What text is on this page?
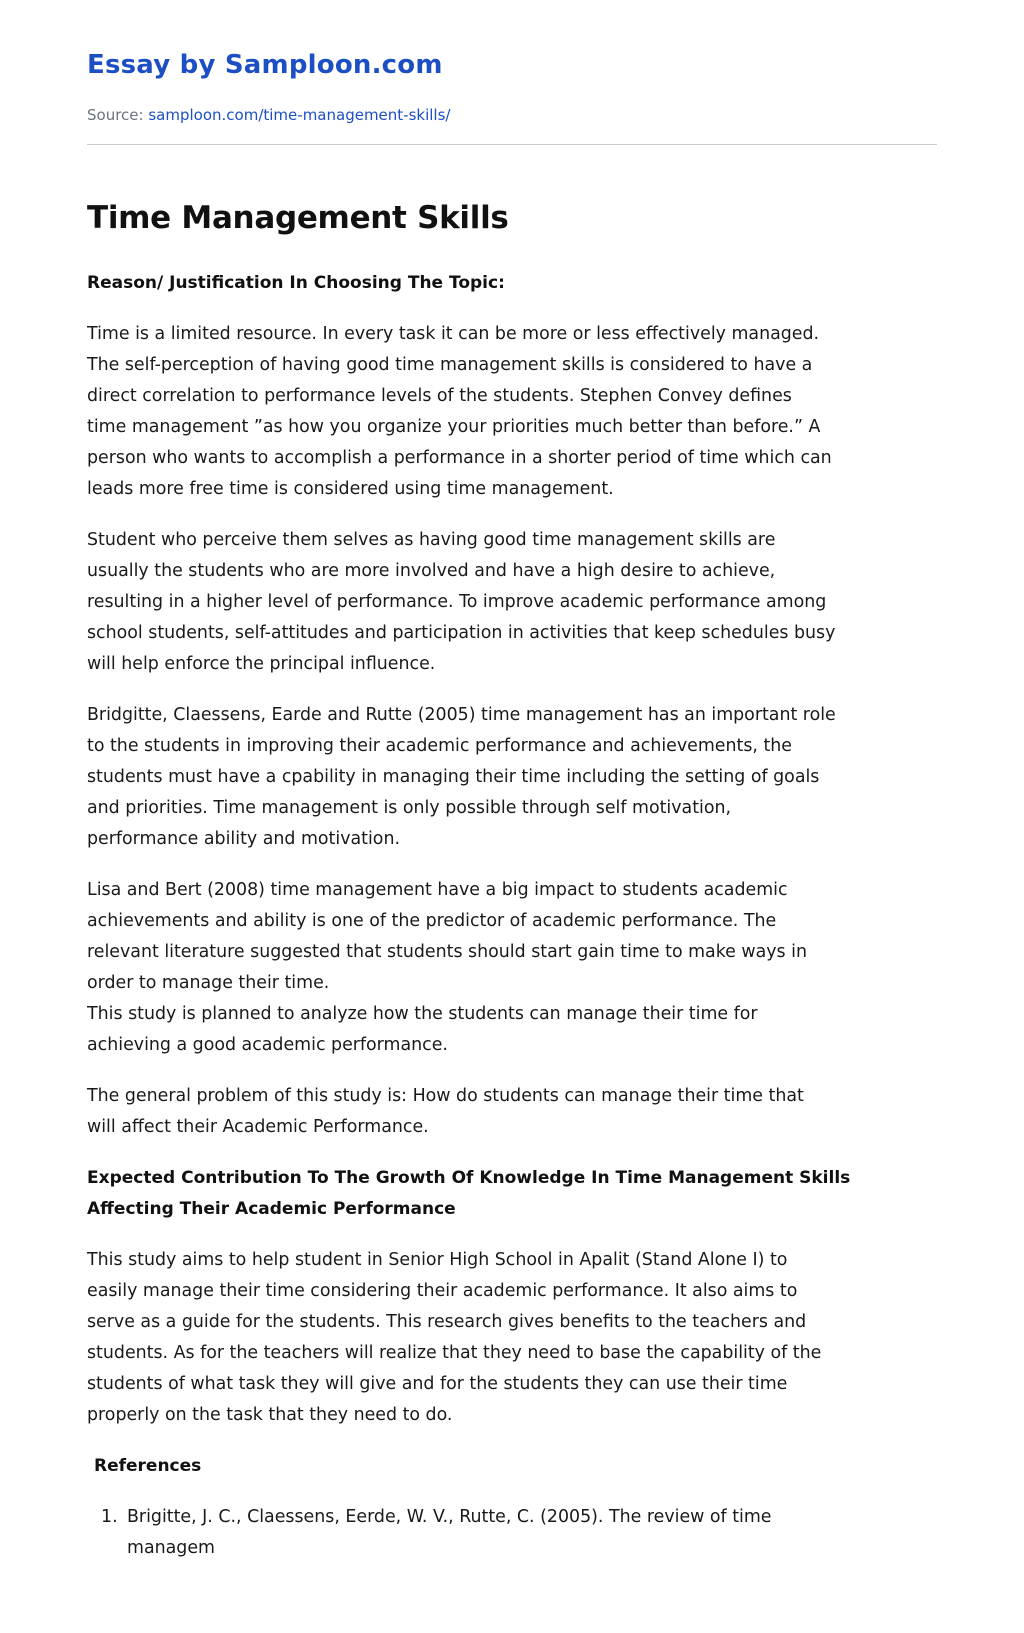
Essay by Samploon.com
Source: samploon.com/time-management-skills/
Time Management Skills
Reason/ Justification In Choosing The Topic:
Time is a limited resource. In every task it can be more or less effectively managed.
The self-perception of having good time management skills is considered to have a
direct correlation to performance levels of the students. Stephen Convey defines
time management ”as how you organize your priorities much better than before.” A
person who wants to accomplish a performance in a shorter period of time which can
leads more free time is considered using time management.
Student who perceive them selves as having good time management skills are
usually the students who are more involved and have a high desire to achieve,
resulting in a higher level of performance. To improve academic performance among
school students, self-attitudes and participation in activities that keep schedules busy
will help enforce the principal influence.
Bridgitte, Claessens, Earde and Rutte (2005) time management has an important role
to the students in improving their academic performance and achievements, the
students must have a cpability in managing their time including the setting of goals
and priorities. Time management is only possible through self motivation,
performance ability and motivation.
Lisa and Bert (2008) time management have a big impact to students academic
achievements and ability is one of the predictor of academic performance. The
relevant literature suggested that students should start gain time to make ways in
order to manage their time.
This study is planned to analyze how the students can manage their time for
achieving a good academic performance.
The general problem of this study is: How do students can manage their time that
will affect their Academic Performance.
Expected Contribution To The Growth Of Knowledge In Time Management Skills
Affecting Their Academic Performance
This study aims to help student in Senior High School in Apalit (Stand Alone I) to
easily manage their time considering their academic performance. It also aims to
serve as a guide for the students. This research gives benefits to the teachers and
students. As for the teachers will realize that they need to base the capability of the
students of what task they will give and for the students they can use their time
properly on the task that they need to do.
References
1. Brigitte, J. C., Claessens, Eerde, W. V., Rutte, C. (2005). The review of time
managem
